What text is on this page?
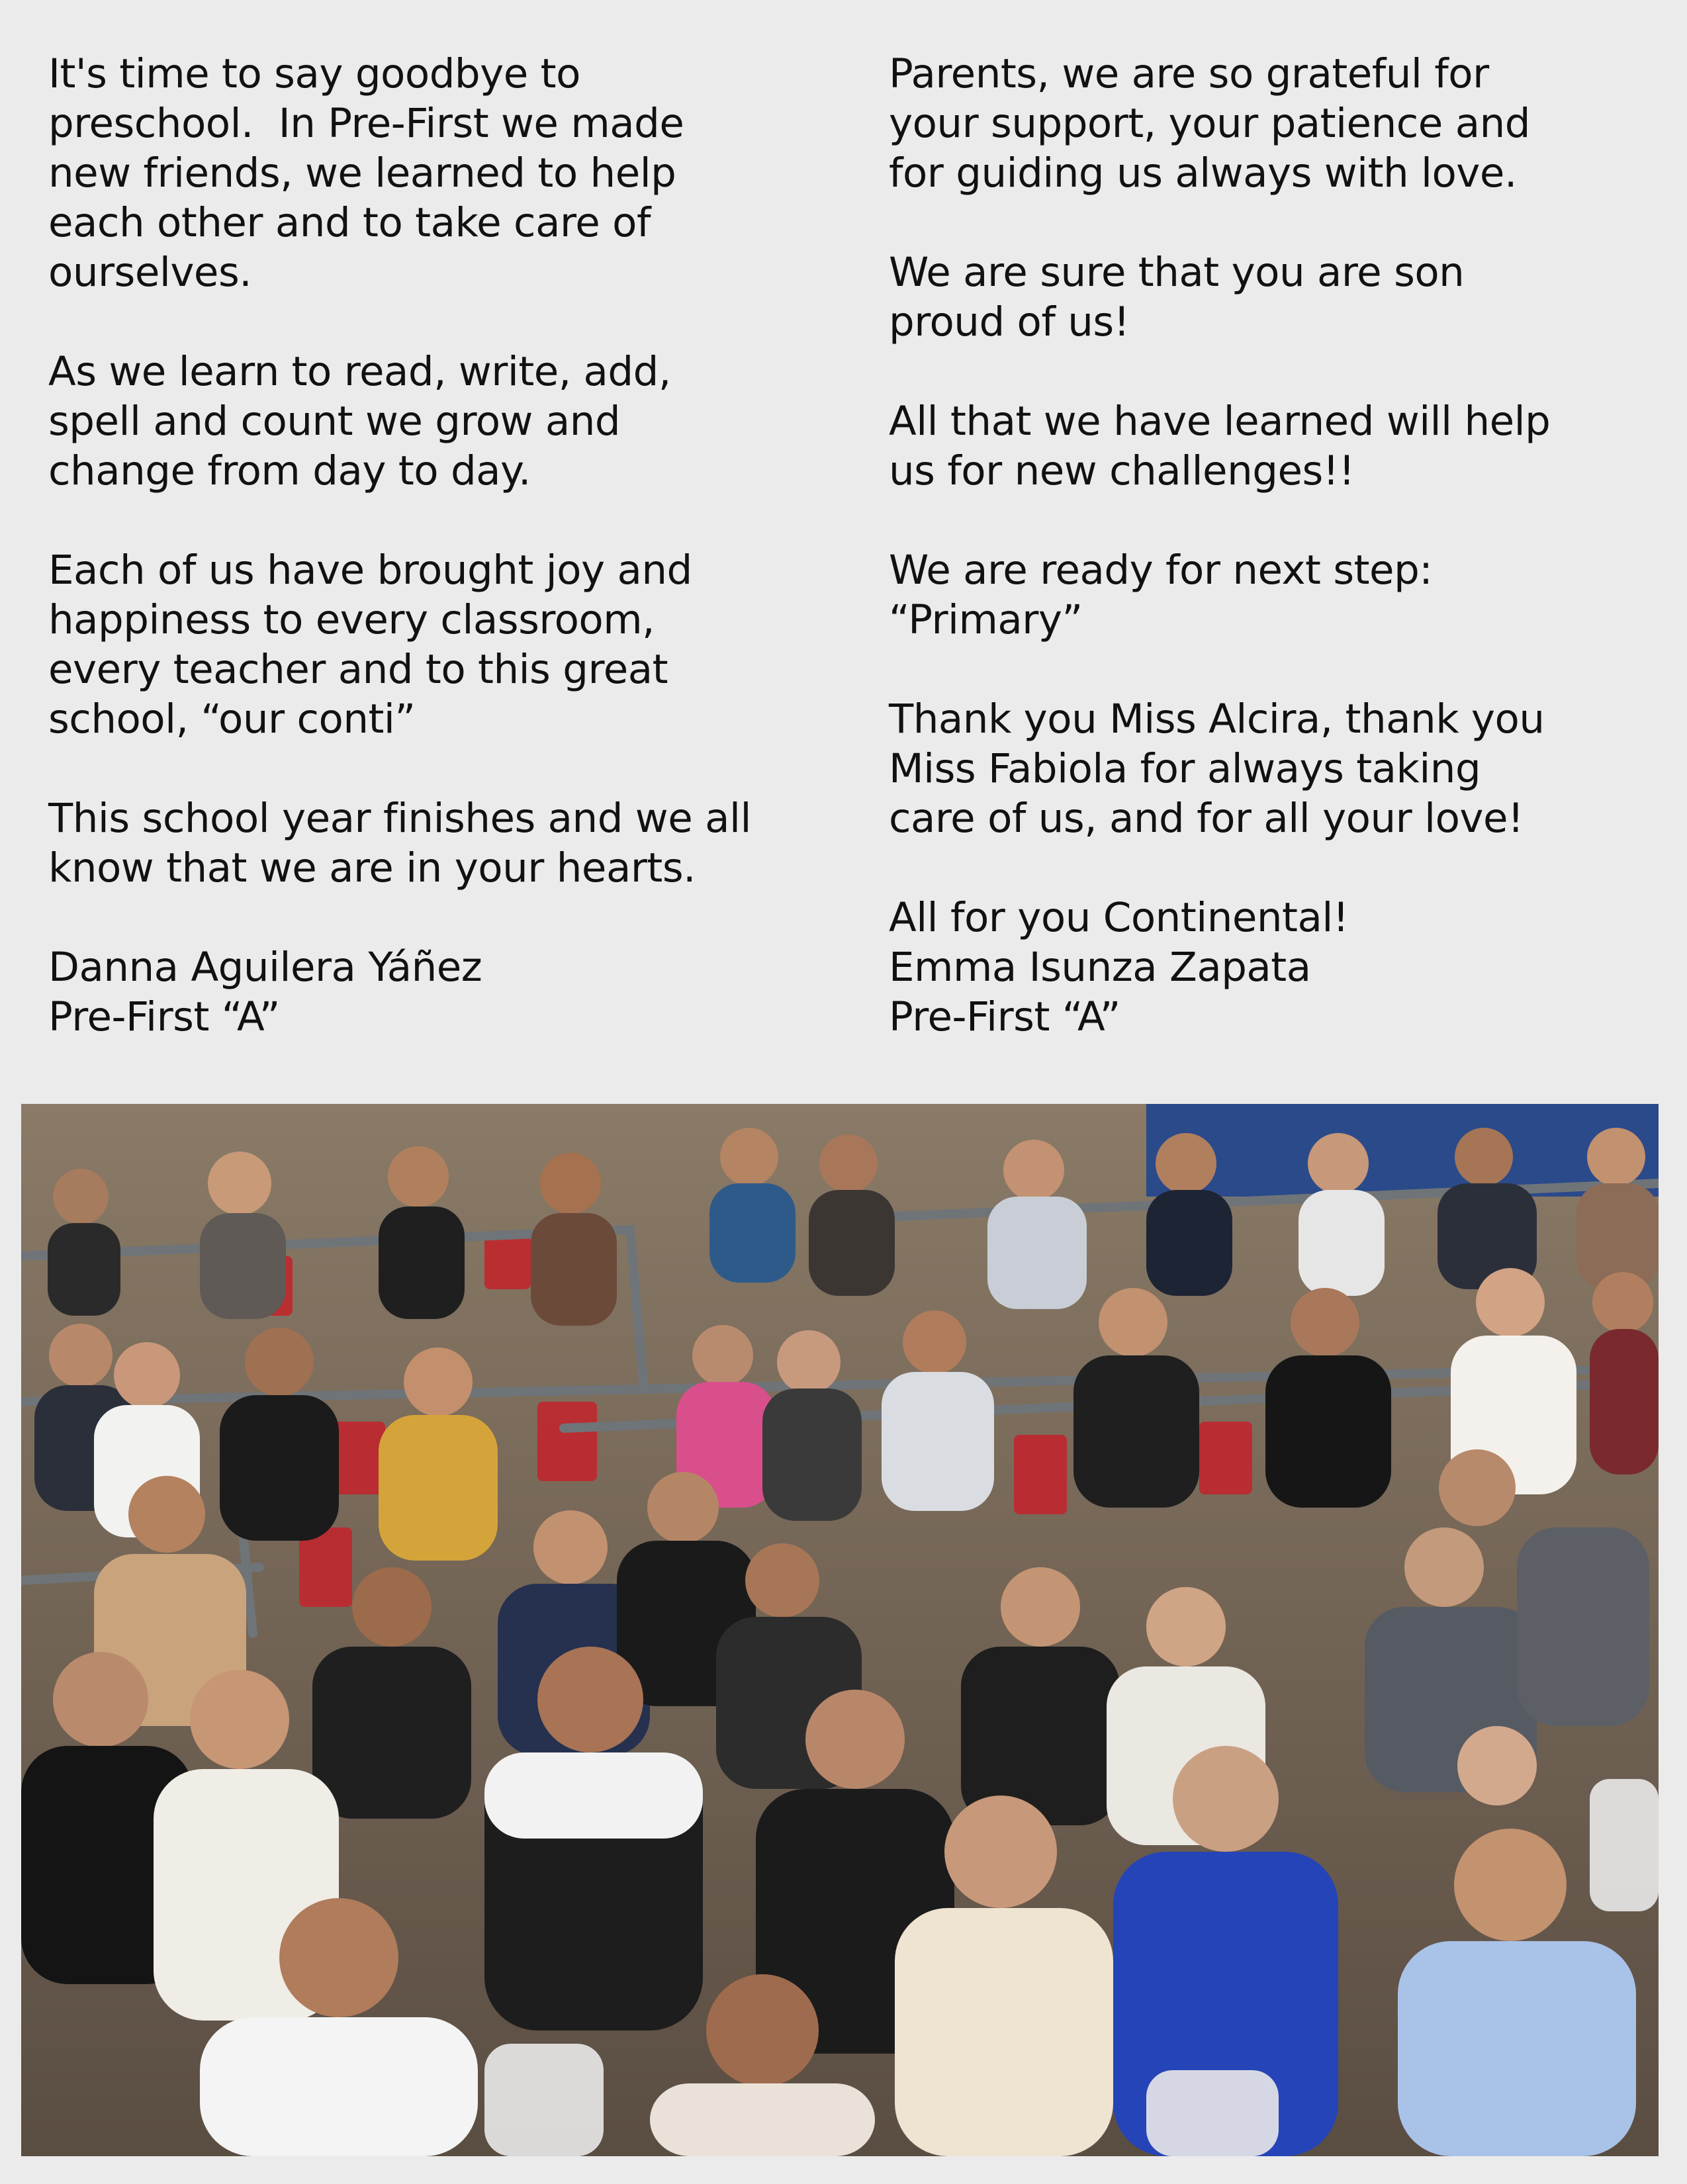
It's time to say goodbye to
preschool.  In Pre-First we made
new friends, we learned to help
each other and to take care of
ourselves.

As we learn to read, write, add,
spell and count we grow and
change from day to day.

Each of us have brought joy and
happiness to every classroom,
every teacher and to this great
school, “our conti”

This school year finishes and we all
know that we are in your hearts.

Danna Aguilera Yáñez
Pre-First “A”

Parents, we are so grateful for
your support, your patience and
for guiding us always with love.

We are sure that you are son
proud of us!

All that we have learned will help
us for new challenges!!

We are ready for next step:
“Primary”

Thank you Miss Alcira, thank you
Miss Fabiola for always taking
care of us, and for all your love!

All for you Continental!
Emma Isunza Zapata
Pre-First “A”
